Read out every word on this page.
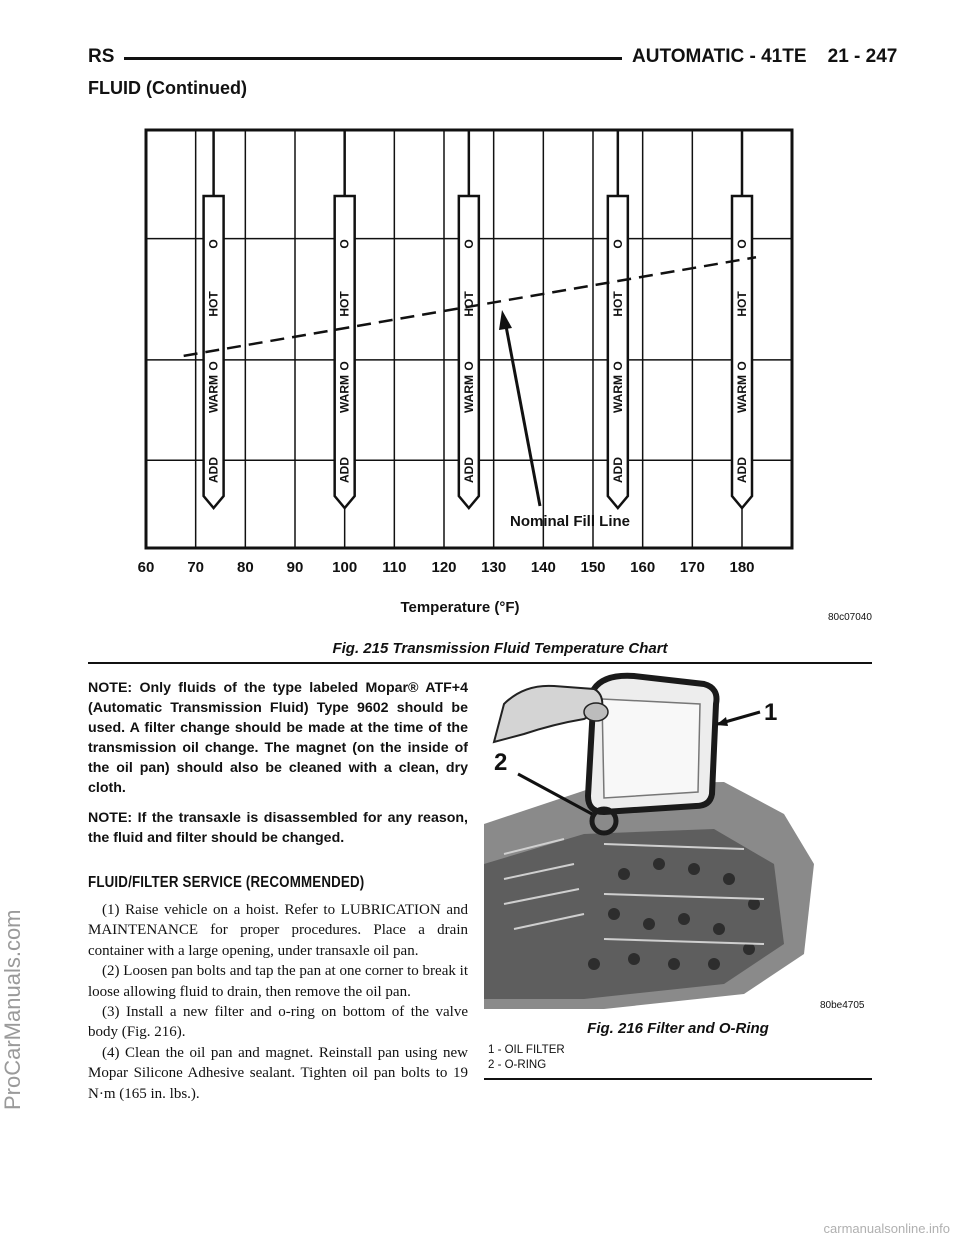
RS	AUTOMATIC - 41TE    21 - 247
FLUID (Continued)
60 70 80 90 100 110 120 130 140 150 160 170 180
Temperature (°F)
O
HOT
O
WARM
ADD
O
HOT
O
WARM
ADD
O
HOT
O
WARM
ADD
O
HOT
O
WARM
ADD
O
HOT
O
WARM
ADD
Nominal Fill Line
80c07040
Fig. 215 Transmission Fluid Temperature Chart
NOTE: Only fluids of the type labeled Mopar® ATF+4 (Automatic Transmission Fluid) Type 9602 should be used. A filter change should be made at the time of the transmission oil change. The magnet (on the inside of the oil pan) should also be cleaned with a clean, dry cloth.
NOTE: If the transaxle is disassembled for any reason, the fluid and filter should be changed.
FLUID/FILTER SERVICE (RECOMMENDED)

(1) Raise vehicle on a hoist. Refer to LUBRICATION and MAINTENANCE for proper procedures. Place a drain container with a large opening, under transaxle oil pan.

(2) Loosen pan bolts and tap the pan at one corner to break it loose allowing fluid to drain, then remove the oil pan.

(3) Install a new filter and o-ring on bottom of the valve body (Fig. 216).

(4) Clean the oil pan and magnet. Reinstall pan using new Mopar Silicone Adhesive sealant. Tighten oil pan bolts to 19 N·m (165 in. lbs.).

1
2
80be4705
Fig. 216 Filter and O-Ring
1 - OIL FILTER
2 - O-RING
ProCarManuals.com
carmanualsonline.info
